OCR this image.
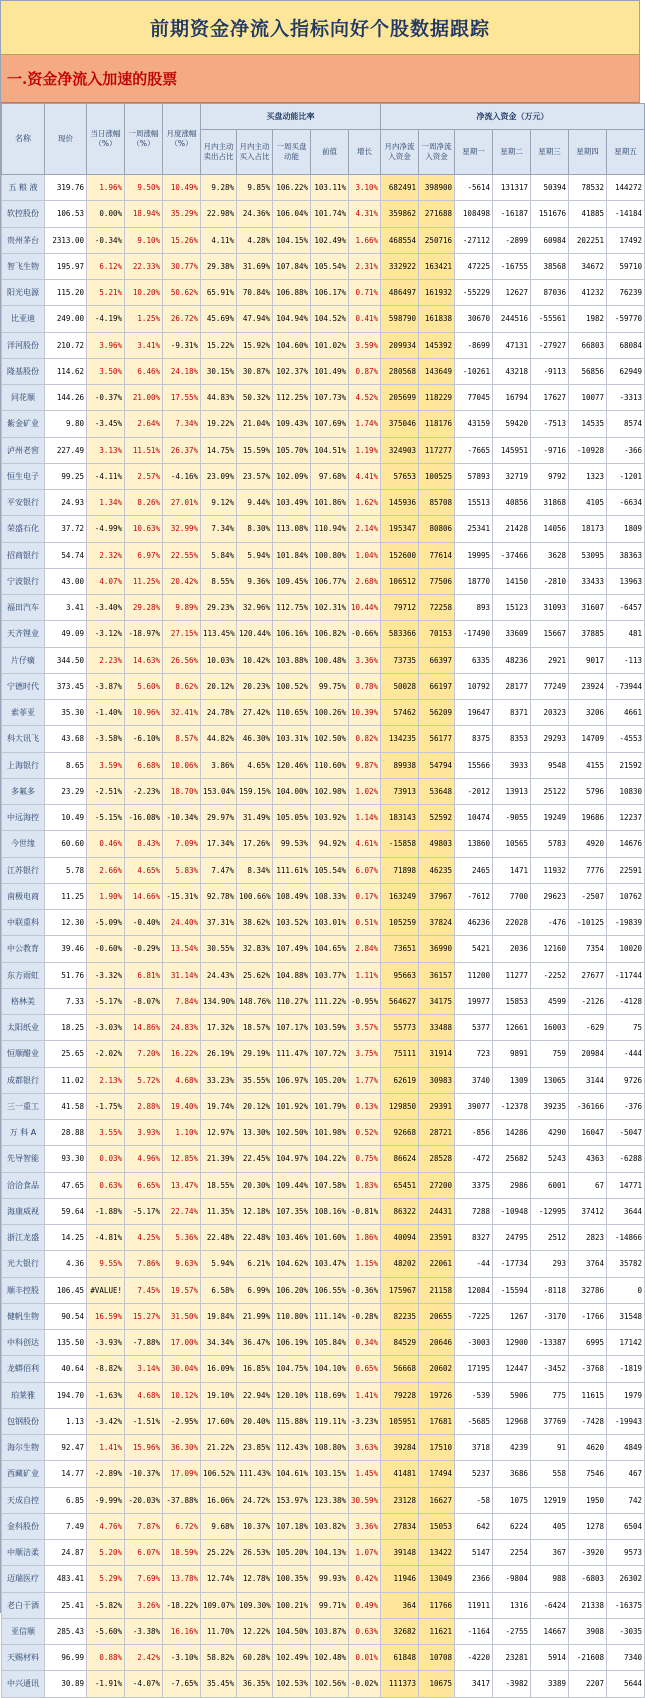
前期资金净流入指标向好个股数据跟踪
一.资金净流入加速的股票
名称	现价	当日涨幅（%）	一周涨幅（%）	月度涨幅（%）	买盘动能比率					净流入资金（万元）						
					月内主动卖出占比	月内主动买入占比	一周买盘动能	前值	增长	月内净流入资金	一周净流入资金	星期一	星期二	星期三	星期四	星期五
五 粮 液	319.76	1.96%	9.50%	10.49%	9.28%	9.85%	106.22%	103.11%	3.10%	682491	398900	-5614	131317	50394	78532	144272
软控股份	106.53	0.00%	18.94%	35.29%	22.98%	24.36%	106.04%	101.74%	4.31%	359862	271688	108498	-16187	151676	41885	-14184
贵州茅台	2313.00	-0.34%	9.10%	15.26%	4.11%	4.28%	104.15%	102.49%	1.66%	468554	250716	-27112	-2899	60984	202251	17492
智飞生物	195.97	6.12%	22.33%	30.77%	29.38%	31.69%	107.84%	105.54%	2.31%	332922	163421	47225	-16755	38568	34672	59710
阳光电源	115.20	5.21%	10.20%	50.62%	65.91%	70.84%	106.88%	106.17%	0.71%	486497	161932	-55229	12627	87036	41232	76239
比亚迪	249.00	-4.19%	1.25%	26.72%	45.69%	47.94%	104.94%	104.52%	0.41%	598790	161838	30670	244516	-55561	1982	-59770
洋河股份	210.72	3.96%	3.41%	-9.31%	15.22%	15.92%	104.60%	101.02%	3.59%	209934	145392	-8699	47131	-27927	66803	68084
隆基股份	114.62	3.50%	6.46%	24.18%	30.15%	30.87%	102.37%	101.49%	0.87%	280568	143649	-10261	43218	-9113	56856	62949
同花顺	144.26	-0.37%	21.00%	17.55%	44.83%	50.32%	112.25%	107.73%	4.52%	205699	118229	77045	16794	17627	10077	-3313
紫金矿业	9.80	-3.45%	2.64%	7.34%	19.22%	21.04%	109.43%	107.69%	1.74%	375046	118176	43159	59420	-7513	14535	8574
泸州老窖	227.49	3.13%	11.51%	26.37%	14.75%	15.59%	105.70%	104.51%	1.19%	324903	117277	-7665	145951	-9716	-10928	-366
恒生电子	99.25	-4.11%	2.57%	-4.16%	23.09%	23.57%	102.09%	97.68%	4.41%	57653	100525	57893	32719	9792	1323	-1201
平安银行	24.93	1.34%	8.26%	27.01%	9.12%	9.44%	103.49%	101.86%	1.62%	145936	85708	15513	40856	31868	4105	-6634
荣盛石化	37.72	-4.99%	10.63%	32.99%	7.34%	8.30%	113.08%	110.94%	2.14%	195347	80806	25341	21428	14056	18173	1809
招商银行	54.74	2.32%	6.97%	22.55%	5.84%	5.94%	101.84%	100.80%	1.04%	152600	77614	19995	-37466	3628	53095	38363
宁波银行	43.00	4.07%	11.25%	20.42%	8.55%	9.36%	109.45%	106.77%	2.68%	106512	77506	18770	14150	-2810	33433	13963
福田汽车	3.41	-3.40%	29.28%	9.89%	29.23%	32.96%	112.75%	102.31%	10.44%	79712	72258	893	15123	31093	31607	-6457
天齐锂业	49.09	-3.12%	-18.97%	27.15%	113.45%	120.44%	106.16%	106.82%	-0.66%	583366	70153	-17490	33609	15667	37885	481
片仔癀	344.50	2.23%	14.63%	26.56%	10.03%	10.42%	103.88%	100.48%	3.36%	73735	66397	6335	48236	2921	9017	-113
宁德时代	373.45	-3.87%	5.60%	8.62%	20.12%	20.23%	100.52%	99.75%	0.78%	50028	66197	10792	28177	77249	23924	-73944
索菲亚	35.30	-1.40%	10.96%	32.41%	24.78%	27.42%	110.65%	100.26%	10.39%	57462	56209	19647	8371	20323	3206	4661
科大讯飞	43.68	-3.58%	-6.10%	8.57%	44.82%	46.30%	103.31%	102.50%	0.82%	134235	56177	8375	8353	29293	14709	-4553
上海银行	8.65	3.59%	6.68%	10.06%	3.86%	4.65%	120.46%	110.60%	9.87%	89938	54794	15566	3933	9548	4155	21592
多氟多	23.29	-2.51%	-2.23%	18.70%	153.04%	159.15%	104.00%	102.98%	1.02%	73913	53648	-2012	13913	25122	5796	10830
中远海控	10.49	-5.15%	-16.08%	-10.34%	29.97%	31.49%	105.05%	103.92%	1.14%	183143	52592	10474	-9055	19249	19686	12237
今世缘	60.60	0.46%	8.43%	7.09%	17.34%	17.26%	99.53%	94.92%	4.61%	-15858	49803	13860	10565	5783	4920	14676
江苏银行	5.78	2.66%	4.65%	5.83%	7.47%	8.34%	111.61%	105.54%	6.07%	71898	46235	2465	1471	11932	7776	22591
南极电商	11.25	1.90%	14.66%	-15.31%	92.78%	100.66%	108.49%	108.33%	0.17%	163249	37967	-7612	7700	29623	-2507	10762
中联重科	12.30	-5.09%	-0.40%	24.40%	37.31%	38.62%	103.52%	103.01%	0.51%	105259	37824	46236	22028	-476	-10125	-19839
中公教育	39.46	-0.60%	-0.29%	13.54%	30.55%	32.83%	107.49%	104.65%	2.84%	73651	36990	5421	2036	12160	7354	10020
东方雨虹	51.76	-3.32%	6.81%	31.14%	24.43%	25.62%	104.88%	103.77%	1.11%	95663	36157	11200	11277	-2252	27677	-11744
格林美	7.33	-5.17%	-8.07%	7.84%	134.90%	148.76%	110.27%	111.22%	-0.95%	564627	34175	19977	15853	4599	-2126	-4128
太阳纸业	18.25	-3.03%	14.86%	24.83%	17.32%	18.57%	107.17%	103.59%	3.57%	55773	33488	5377	12661	16003	-629	75
恒顺醋业	25.65	-2.02%	7.20%	16.22%	26.19%	29.19%	111.47%	107.72%	3.75%	75111	31914	723	9891	759	20984	-444
成都银行	11.02	2.13%	5.72%	4.68%	33.23%	35.55%	106.97%	105.20%	1.77%	62619	30983	3740	1309	13065	3144	9726
三一重工	41.58	-1.75%	2.88%	19.40%	19.74%	20.12%	101.92%	101.79%	0.13%	129850	29391	39077	-12378	39235	-36166	-376
万 科 A	28.88	3.55%	3.93%	1.10%	12.97%	13.30%	102.50%	101.98%	0.52%	92668	28721	-856	14286	4290	16047	-5047
先导智能	93.30	0.03%	4.96%	12.85%	21.39%	22.45%	104.97%	104.22%	0.75%	86624	28528	-472	25682	5243	4363	-6288
洽洽食品	47.65	0.63%	6.65%	13.47%	18.55%	20.30%	109.44%	107.58%	1.83%	65451	27200	3375	2986	6001	67	14771
海康威视	59.64	-1.88%	-5.17%	22.74%	11.35%	12.18%	107.35%	108.16%	-0.81%	86322	24431	7288	-10948	-12995	37412	3644
浙江龙盛	14.25	-4.81%	4.25%	5.36%	22.48%	22.48%	103.46%	101.60%	1.86%	40094	23591	8327	24795	2512	2823	-14866
光大银行	4.36	9.55%	7.86%	9.63%	5.94%	6.21%	104.62%	103.47%	1.15%	48202	22061	-44	-17734	293	3764	35782
顺丰控股	106.45	#VALUE!	7.45%	19.57%	6.58%	6.99%	106.20%	106.55%	-0.36%	175967	21158	12084	-15594	-8118	32786	0
健帆生物	90.54	16.59%	15.27%	31.50%	19.84%	21.99%	110.80%	111.14%	-0.28%	82235	20655	-7225	1267	-3170	-1766	31548
中科创达	135.50	-3.93%	-7.88%	17.00%	34.34%	36.47%	106.19%	105.84%	0.34%	84529	20646	-3003	12900	-13387	6995	17142
龙蟒佰利	40.64	-8.82%	3.14%	30.04%	16.09%	16.85%	104.75%	104.10%	0.65%	56668	20602	17195	12447	-3452	-3768	-1819
珀莱雅	194.70	-1.63%	4.68%	10.12%	19.10%	22.94%	120.10%	118.69%	1.41%	79228	19726	-539	5906	775	11615	1979
包钢股份	1.13	-3.42%	-1.51%	-2.95%	17.60%	20.40%	115.88%	119.11%	-3.23%	105951	17681	-5685	12968	37769	-7428	-19943
海尔生物	92.47	1.41%	15.96%	36.30%	21.22%	23.85%	112.43%	108.80%	3.63%	39284	17510	3718	4239	91	4620	4849
西藏矿业	14.77	-2.89%	-10.37%	17.09%	106.52%	111.43%	104.61%	103.15%	1.45%	41481	17494	5237	3686	558	7546	467
天成自控	6.85	-9.99%	-20.03%	-37.88%	16.06%	24.72%	153.97%	123.38%	30.59%	23128	16627	-58	1075	12919	1950	742
金科股份	7.49	4.76%	7.87%	6.72%	9.68%	10.37%	107.18%	103.82%	3.36%	27834	15053	642	6224	405	1278	6504
中顺洁柔	24.87	5.20%	6.07%	18.59%	25.22%	26.53%	105.20%	104.13%	1.07%	39148	13422	5147	2254	367	-3920	9573
迈瑞医疗	483.41	5.29%	7.69%	13.78%	12.74%	12.78%	100.35%	99.93%	0.42%	11946	13049	2366	-9804	988	-6803	26302
老白干酒	25.41	-5.82%	3.26%	-18.22%	109.07%	109.30%	100.21%	99.71%	0.49%	364	11766	11911	1316	-6424	21338	-16375
亚信顺	285.43	-5.60%	-3.38%	16.16%	11.70%	12.22%	104.50%	103.87%	0.63%	32682	11621	-1164	-2755	14667	3908	-3035
天赐材料	96.99	0.88%	2.42%	-3.10%	58.82%	60.28%	102.49%	102.48%	0.01%	61848	10708	-4220	23281	5914	-21608	7340
中兴通讯	30.89	-1.91%	-4.07%	-7.65%	35.45%	36.35%	102.53%	102.56%	-0.02%	111373	10675	3417	-3982	3389	2207	5644
